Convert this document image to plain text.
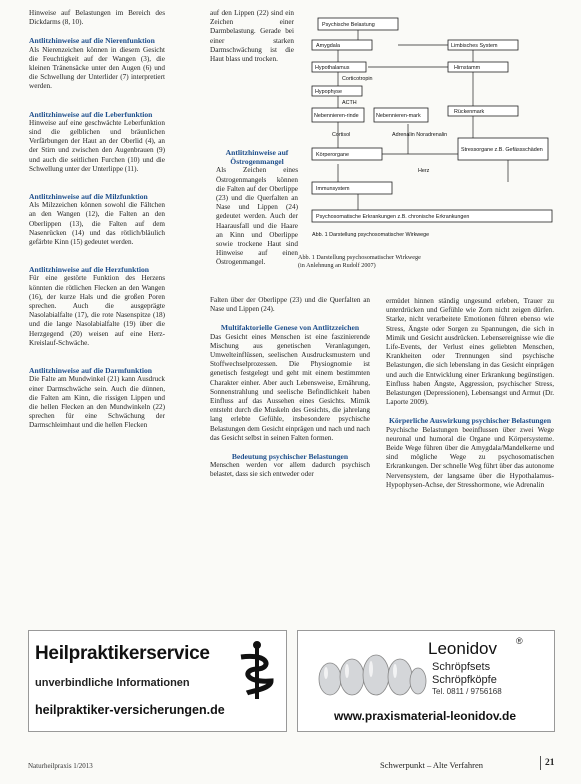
Hinweise auf Belastungen im Bereich des Dickdarms (8, 10).

Antlitzhinweise auf die Nierenfunktion

Als Nierenzeichen können in diesem Gesicht die Feuchtigkeit auf der Wangen (3), die kleinen Tränensäcke unter den Augen (6) und die Schwellung der Unterlider (7) interpretiert werden.

Antlitzhinweise auf die Leberfunktion

Hinweise auf eine geschwächte Leberfunktion sind die gelblichen und bräunlichen Verfärbungen der Haut an der Oberlid (4), an der Stirn und zwischen den Augenbrauen (9) und auch die seitlichen Furchen (10) und die Schwellung unter der Unterlippe (11).

Antlitzhinweise auf die Milzfunktion

Als Milzzeichen können sowohl die Fältchen an den Wangen (12), die Falten an den Oberlippen (13), die Falten auf dem Nasenrücken (14) und das rötlich/bläulich gefärbte Kinn (15) gedeutet werden.

Antlitzhinweise auf die Herzfunktion

Für eine gestörte Funktion des Herzens könnten die rötlichen Flecken an den Wangen (16), der kurze Hals und die großen Poren sprechen. Auch die ausgeprägte Nasolabialfalte (17), die rote Nasenspitze (18) und die lange Nasolabialfalte (19) über die Herzgegend (20) weisen auf eine Herz-Kreislauf-Schwäche.

Antlitzhinweise auf die Darmfunktion

Die Falte am Mundwinkel (21) kann Ausdruck einer Darmschwäche sein. Auch die dünnen, die Falten am Kinn, die rissigen Lippen und die hellen Flecken an den Mundwinkeln (22) sprechen für eine Schwächung der Darmschleimhaut und die hellen Flecken

auf den Lippen (22) sind ein Zeichen einer Darmbelastung. Gerade bei einer starken Darmschwächung ist die Haut blass und trocken.

Antlitzhinweise auf Östrogenmangel

Als Zeichen eines Östrogenmangels können die Falten auf der Oberlippe (23) und die Querfalten an Nase und Lippen (24) gedeutet werden. Auch der Haarausfall und die Haare an Kinn und Oberlippe sowie trockene Haut sind Hinweise auf einen Östrogenmangel.

Psychische Belastung
Amygdala	Limbisches System
Hypothalamus
Corticotropin
Hirnstamm
Hypophyse
ACTH
Nebennieren-rinde	Nebennieren-mark
Rückenmark
Cortisol	Adrenalin Noradrenalin
Körperorgane
Stressorgane z.B. Gefässschäden
Herz
Immunsystem
Psychosomatische Erkrankungen z.B. chronische Erkrankungen
Abb. 1 Darstellung psychosomatischer Wirkwege
Abb. 1 Darstellung psychosomatischer Wirkwege
(in Anlehnung an Rudolf 2007)

Falten über der Oberlippe (23) und die Querfalten an Nase und Lippen (24).

Multifaktorielle Genese von Antlitzzeichen

Das Gesicht eines Menschen ist eine faszinierende Mischung aus genetischen Veranlagungen, Umwelteinflüssen, seelischen Ausdrucksmustern und Stoffwechselprozessen. Die Physiognomie ist genetisch festgelegt und geht mit einem bestimmten Charakter einher. Aber auch Lebensweise, Ernährung, Sonnenstrahlung und seelische Befindlichkeit haben Einfluss auf das Aussehen eines Gesichts. Mimik entsteht durch die Muskeln des Gesichts, die jahrelang lang erlebte Gefühle, insbesondere psychische Belastungen dem Gesicht einprägen und nach und nach das Gesicht selbst in seinen Falten formen.

Bedeutung psychischer Belastungen

Menschen werden vor allem dadurch psychisch belastet, dass sie sich entweder oder

ermüdet hinnen ständig ungesund erleben, Trauer zu unterdrücken und Gefühle wie Zorn nicht zeigen dürfen. Starke, nicht verarbeitete Emotionen führen ebenso wie Stress, Ängste oder Sorgen zu Spannungen, die sich in Mimik und Gesicht ausdrücken. Lebensereignisse wie die Life-Events, der Verlust eines geliebten Menschen, Krankheiten oder Trennungen sind psychische Belastungen, die sich lebenslang in das Gesicht einprägen und auch die Entwicklung einer Erkrankung begünstigen. Einfluss haben Ängste, Aggression, psychischer Stress, Belastungen (Depressionen), Lebensangst und Armut (Dr. Laporte 2009).

Körperliche Auswirkung psychischer Belastungen

Psychische Belastungen beeinflussen über zwei Wege neuronal und humoral die Organe und Körpersysteme. Beide Wege führen über die Amygdala/Mandelkerne und sind mögliche Wege zu psychosomatischen Erkrankungen. Der schnelle Weg führt über das autonome Nervensystem, der langsame über die Hypothalamus-Hypophysen-Achse, der Stresshormone, wie Adrenalin

Heilpraktikerservice
unverbindliche Informationen
heilpraktiker-versicherungen.de
Leonidov ®
Schröpfsets
Schröpfköpfe
Tel. 0811 / 9756168
www.praxismaterial-leonidov.de
Naturheilpraxis 1/2013	Schwerpunkt – Alte Verfahren	21
